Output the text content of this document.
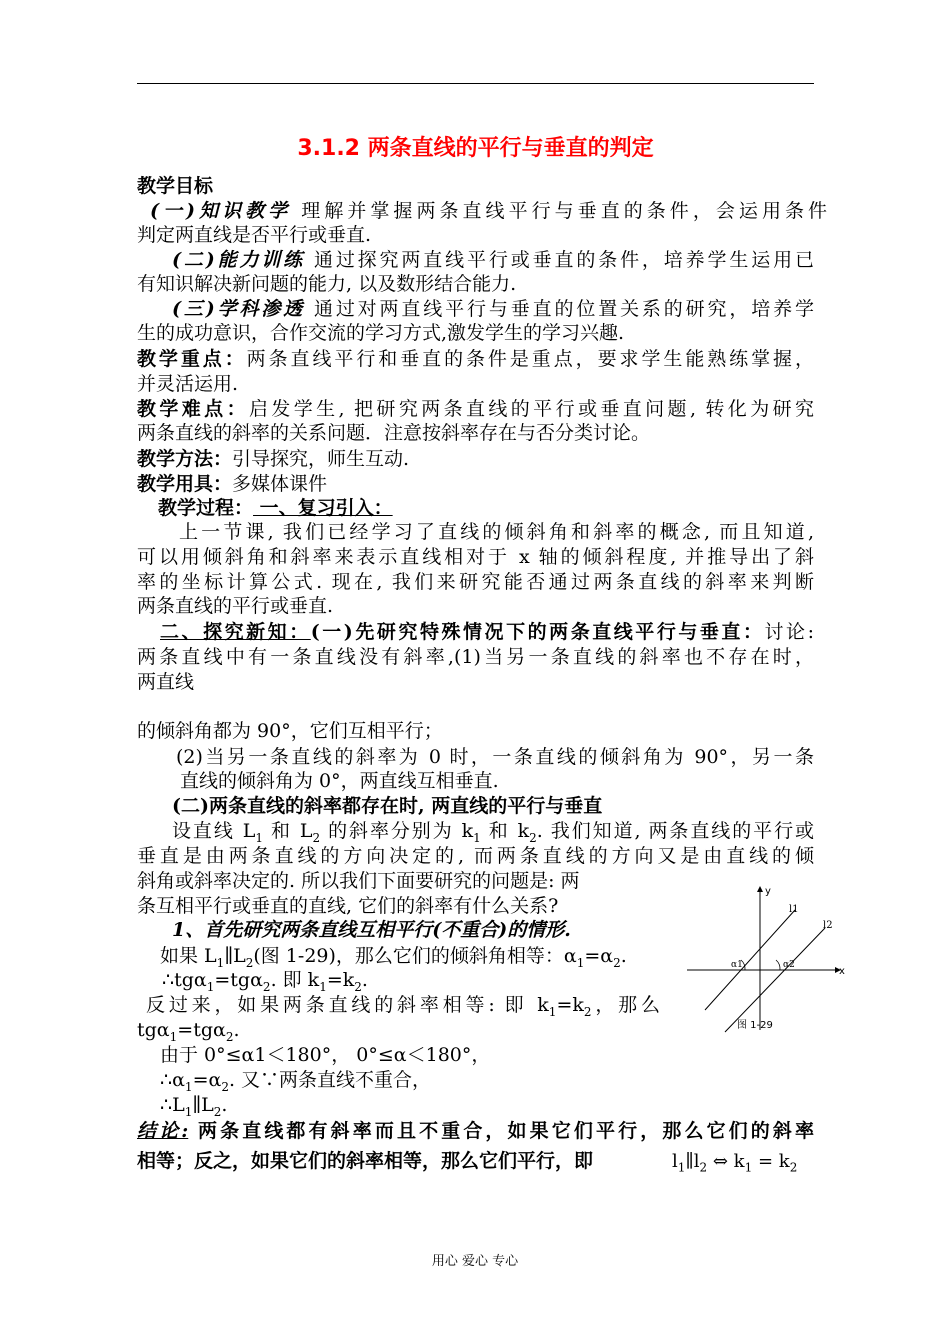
3.1.2 两条直线的平行与垂直的判定
教学目标
(一)知识教学 理解并掌握两条直线平行与垂直的条件，会运用条件
判定两直线是否平行或垂直.
(二)能力训练 通过探究两直线平行或垂直的条件，培养学生运用已
有知识解决新问题的能力, 以及数形结合能力.
(三)学科渗透 通过对两直线平行与垂直的位置关系的研究，培养学
生的成功意识，合作交流的学习方式,激发学生的学习兴趣.
教学重点：两条直线平行和垂直的条件是重点，要求学生能熟练掌握，
并灵活运用.
教学难点：启发学生, 把研究两条直线的平行或垂直问题, 转化为研究
两条直线的斜率的关系问题．注意按斜率存在与否分类讨论。
教学方法：引导探究，师生互动.
教学用具：多媒体课件
教学过程： 一、复习引入：
上一节课, 我们已经学习了直线的倾斜角和斜率的概念, 而且知道,
可以用倾斜角和斜率来表示直线相对于 x 轴的倾斜程度, 并推导出了斜
率的坐标计算公式. 现在, 我们来研究能否通过两条直线的斜率来判断
两条直线的平行或垂直.
二、探究新知：(一)先研究特殊情况下的两条直线平行与垂直：讨论:
两条直线中有一条直线没有斜率,(1)当另一条直线的斜率也不存在时，
两直线
的倾斜角都为 90°，它们互相平行；
(2)当另一条直线的斜率为 0 时，一条直线的倾斜角为 90°，另一条
直线的倾斜角为 0°，两直线互相垂直.
(二)两条直线的斜率都存在时, 两直线的平行与垂直
设直线 $L_1$ 和 $L_2$ 的斜率分别为 $k_1$ 和 $k_2$. 我们知道, 两条直线的平行或
垂直是由两条直线的方向决定的, 而两条直线的方向又是由直线的倾
斜角或斜率决定的. 所以我们下面要研究的问题是: 两
条互相平行或垂直的直线, 它们的斜率有什么关系?
1、首先研究两条直线互相平行(不重合)的情形.
如果 $L_1\parallel L_2$(图 1-29)，那么它们的倾斜角相等：$\alpha_1=\alpha_2$.
∴tgα$_1$=tgα$_2$. 即 $k_1=k_2$.
反过来，如果两条直线的斜率相等: 即 $k_1=k_2$，那么
tgα$_1$=tgα$_2$.
由于 0°≤α1＜180°， 0°≤α＜180°，
$\therefore\alpha_1=\alpha_2$. 又∵两条直线不重合，
$\therefore L_1\parallel L_2$.
结论: 两条直线都有斜率而且不重合，如果它们平行，那么它们的斜率
相等；反之，如果它们的斜率相等，那么它们平行，即
y
x
l1
l2
α1	α2
图 1-29
$l_1\parallel l_2$ ⇔ $k_1 = k_2$
用心 爱心 专心
